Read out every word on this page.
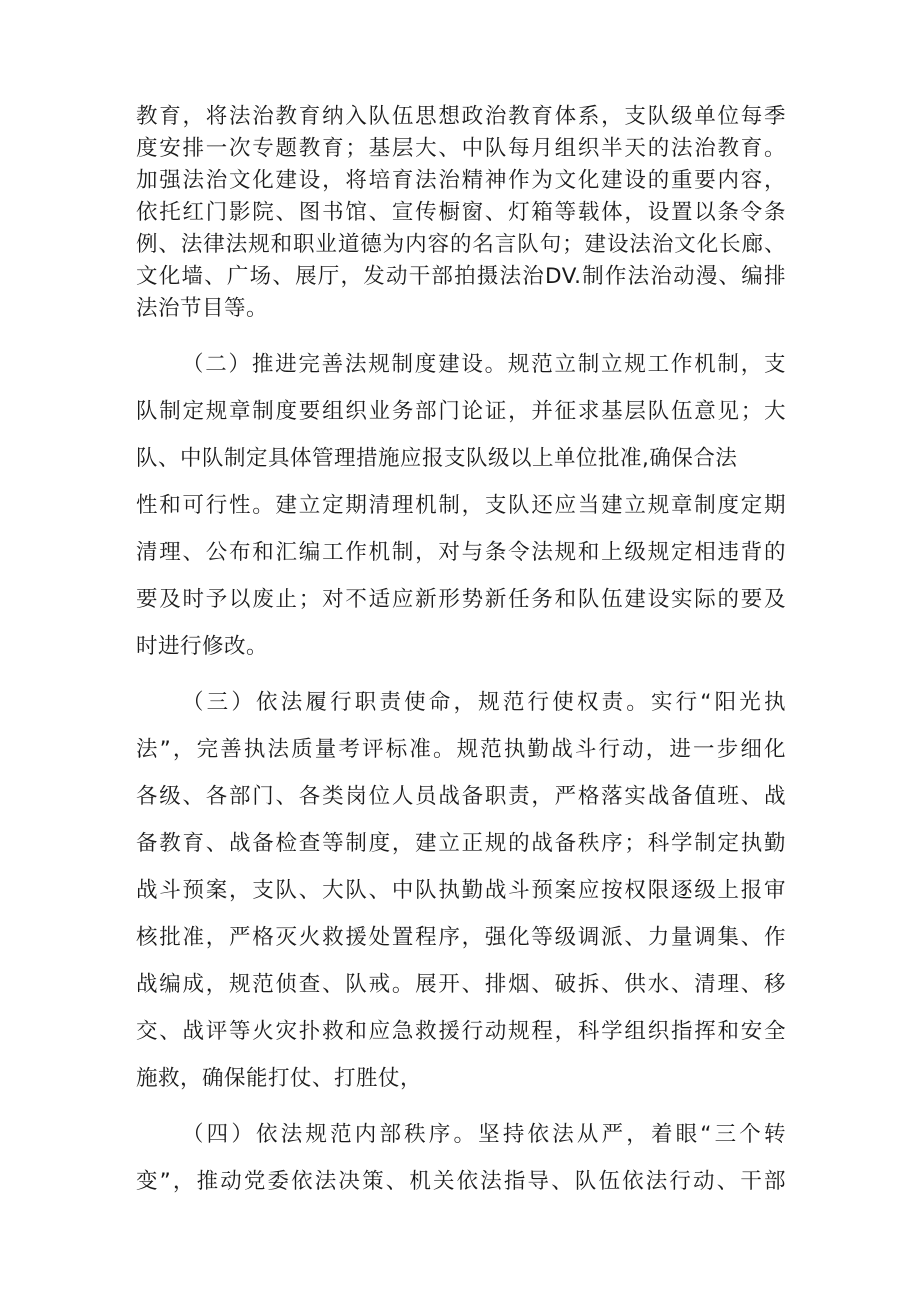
教育，将法治教育纳入队伍思想政治教育体系，支队级单位每季
度安排一次专题教育；基层大、中队每月组织半天的法治教育。
加强法治文化建设，将培育法治精神作为文化建设的重要内容，
依托红门影院、图书馆、宣传橱窗、灯箱等载体，设置以条令条
例、法律法规和职业道德为内容的名言队句；建设法治文化长廊、
文化墙、广场、展厅，发动干部拍摄法治DV.制作法治动漫、编排
法治节目等。
（二）推进完善法规制度建设。规范立制立规工作机制，支
队制定规章制度要组织业务部门论证，并征求基层队伍意见；大
队、中队制定具体管理措施应报支队级以上单位批准,确保合法
性和可行性。建立定期清理机制，支队还应当建立规章制度定期
清理、公布和汇编工作机制，对与条令法规和上级规定相违背的
要及时予以废止；对不适应新形势新任务和队伍建设实际的要及
时进行修改。
（三）依法履行职责使命，规范行使权责。实行“阳光执
法”，完善执法质量考评标准。规范执勤战斗行动，进一步细化
各级、各部门、各类岗位人员战备职责，严格落实战备值班、战
备教育、战备检查等制度，建立正规的战备秩序；科学制定执勤
战斗预案，支队、大队、中队执勤战斗预案应按权限逐级上报审
核批准，严格灭火救援处置程序，强化等级调派、力量调集、作
战编成，规范侦查、队戒。展开、排烟、破拆、供水、清理、移
交、战评等火灾扑救和应急救援行动规程，科学组织指挥和安全
施救，确保能打仗、打胜仗，
（四）依法规范内部秩序。坚持依法从严，着眼“三个转
变”，推动党委依法决策、机关依法指导、队伍依法行动、干部
